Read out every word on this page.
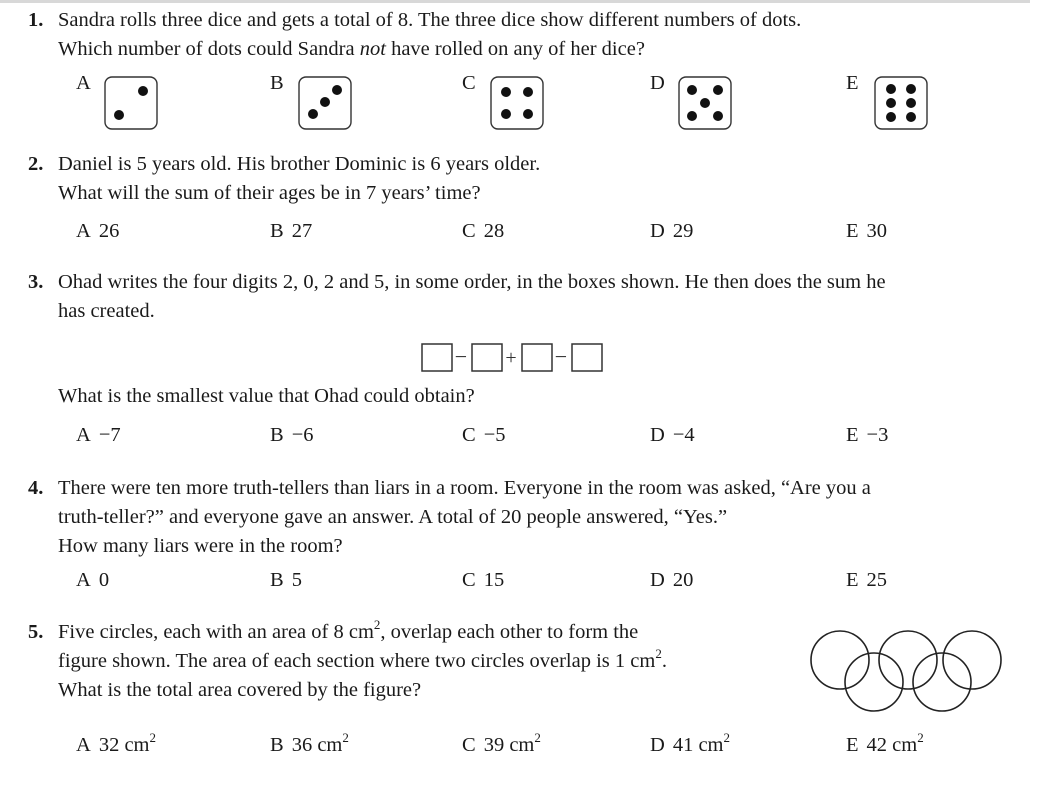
1. Sandra rolls three dice and gets a total of 8. The three dice show different numbers of dots.
Which number of dots could Sandra not have rolled on any of her dice?
A	B	C	D	E
2. Daniel is 5 years old. His brother Dominic is 6 years older.
What will the sum of their ages be in 7 years’ time?
A 26	B 27	C 28	D 29	E 30
3. Ohad writes the four digits 2, 0, 2 and 5, in some order, in the boxes shown. He then does the sum he
has created.
− + −
What is the smallest value that Ohad could obtain?
A −7	B −6	C −5	D −4	E −3
4. There were ten more truth-tellers than liars in a room. Everyone in the room was asked, “Are you a
truth-teller?” and everyone gave an answer. A total of 20 people answered, “Yes.”
How many liars were in the room?
A 0	B 5	C 15	D 20	E 25
5. Five circles, each with an area of 8 $cm^2$, overlap each other to form the
figure shown. The area of each section where two circles overlap is 1 $cm^2$.
What is the total area covered by the figure?
A 32 $cm^2$	B 36 $cm^2$	C 39 $cm^2$	D 41 $cm^2$	E 42 $cm^2$
